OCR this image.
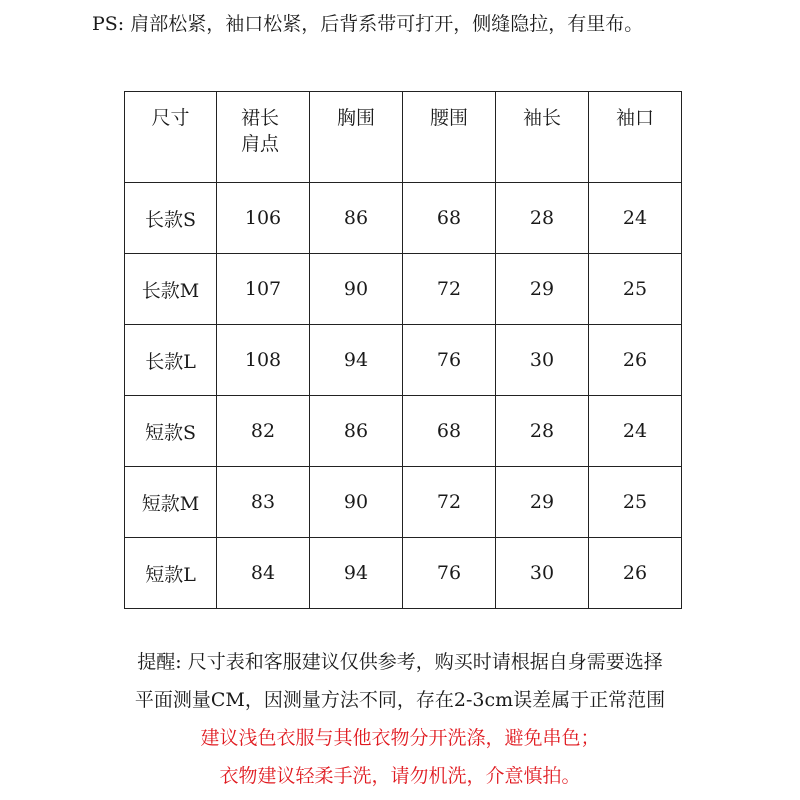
PS: 肩部松紧，袖口松紧，后背系带可打开，侧缝隐拉，有里布。
尺寸	裙长肩点	胸围	腰围	袖长	袖口
长款S	106	86	68	28	24
长款M	107	90	72	29	25
长款L	108	94	76	30	26
短款S	82	86	68	28	24
短款M	83	90	72	29	25
短款L	84	94	76	30	26
提醒: 尺寸表和客服建议仅供参考，购买时请根据自身需要选择
平面测量CM，因测量方法不同，存在2-3cm误差属于正常范围
建议浅色衣服与其他衣物分开洗涤，避免串色；
衣物建议轻柔手洗，请勿机洗，介意慎拍。
